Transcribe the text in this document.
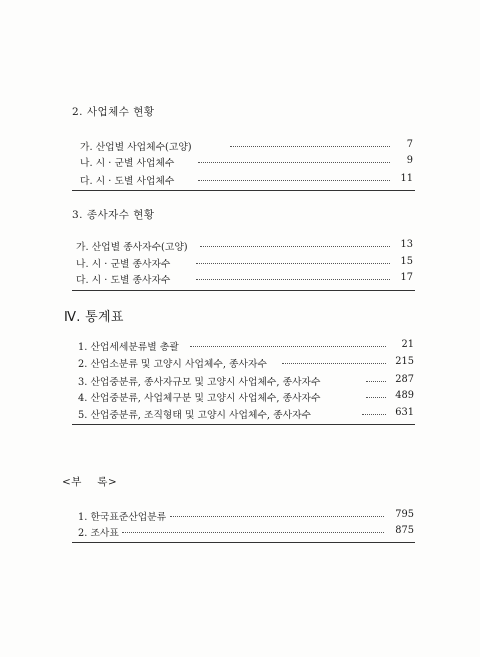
2. 사업체수 현황
가. 산업별 사업체수(고양)	7
나. 시 · 군별 사업체수	9
다. 시 · 도별 사업체수	11
3. 종사자수 현황
가. 산업별 종사자수(고양)	13
나. 시 · 군별 종사자수	15
다. 시 · 도별 종사자수	17
Ⅳ. 통계표
1. 산업세세분류별 총괄	21
2. 산업소분류 및 고양시 사업체수, 종사자수	215
3. 산업중분류, 종사자규모 및 고양시 사업체수, 종사자수	287
4. 산업중분류, 사업체구분 및 고양시 사업체수, 종사자수	489
5. 산업중분류, 조직형태 및 고양시 사업체수, 종사자수	631
<부    록>
1. 한국표준산업분류	795
2. 조사표	875
